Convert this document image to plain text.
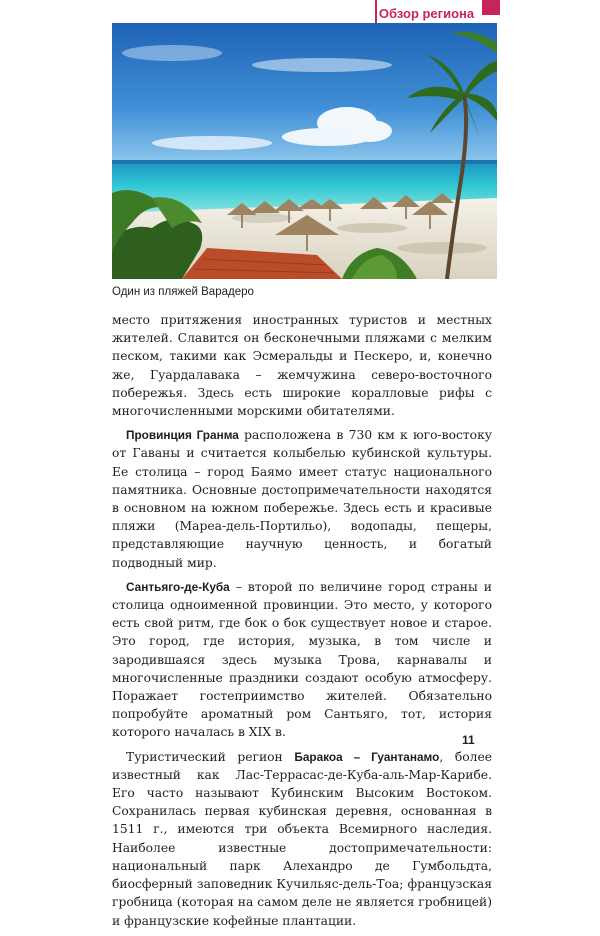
Обзор региона
Один из пляжей Варадеро

место притяжения иностранных туристов и местных жителей. Славится он бесконечными пляжами с мелким песком, такими как Эсмеральды и Пескеро, и, конечно же, Гуардалавака – жемчужина северо-восточного побережья. Здесь есть широкие коралловые рифы с многочисленными морскими обитателями.

Провинция Гранма расположена в 730 км к юго-востоку от Гаваны и считается колыбелью кубинской культуры. Ее столица – город Баямо имеет статус национального памятника. Основные достопримечательности находятся в основном на южном побережье. Здесь есть и красивые пляжи (Мареа-дель-Портильо), водопады, пещеры, представляющие научную ценность, и богатый подводный мир.

Сантьяго-де-Куба – второй по величине город страны и столица одноименной провинции. Это место, у которого есть свой ритм, где бок о бок существует новое и старое. Это город, где история, музыка, в том числе и зародившаяся здесь музыка Трова, карнавалы и многочисленные праздники создают особую атмосферу. Поражает гостеприимство жителей. Обязательно попробуйте ароматный ром Сантьяго, тот, история которого началась в XIX в.

Туристический регион Баракоа – Гуантанамо, более известный как Лас-Террасас-де-Куба-аль-Мар-Карибе. Его часто называют Кубинским Высоким Востоком. Сохранилась первая кубинская деревня, основанная в 1511 г., имеются три объекта Всемирного наследия. Наиболее известные достопримечательности: национальный парк Алехандро де Гумбольдта, биосферный заповедник Кучильяс-дель-Тоа; французская гробница (которая на самом деле не является гробницей) и французские кофейные плантации.

11
